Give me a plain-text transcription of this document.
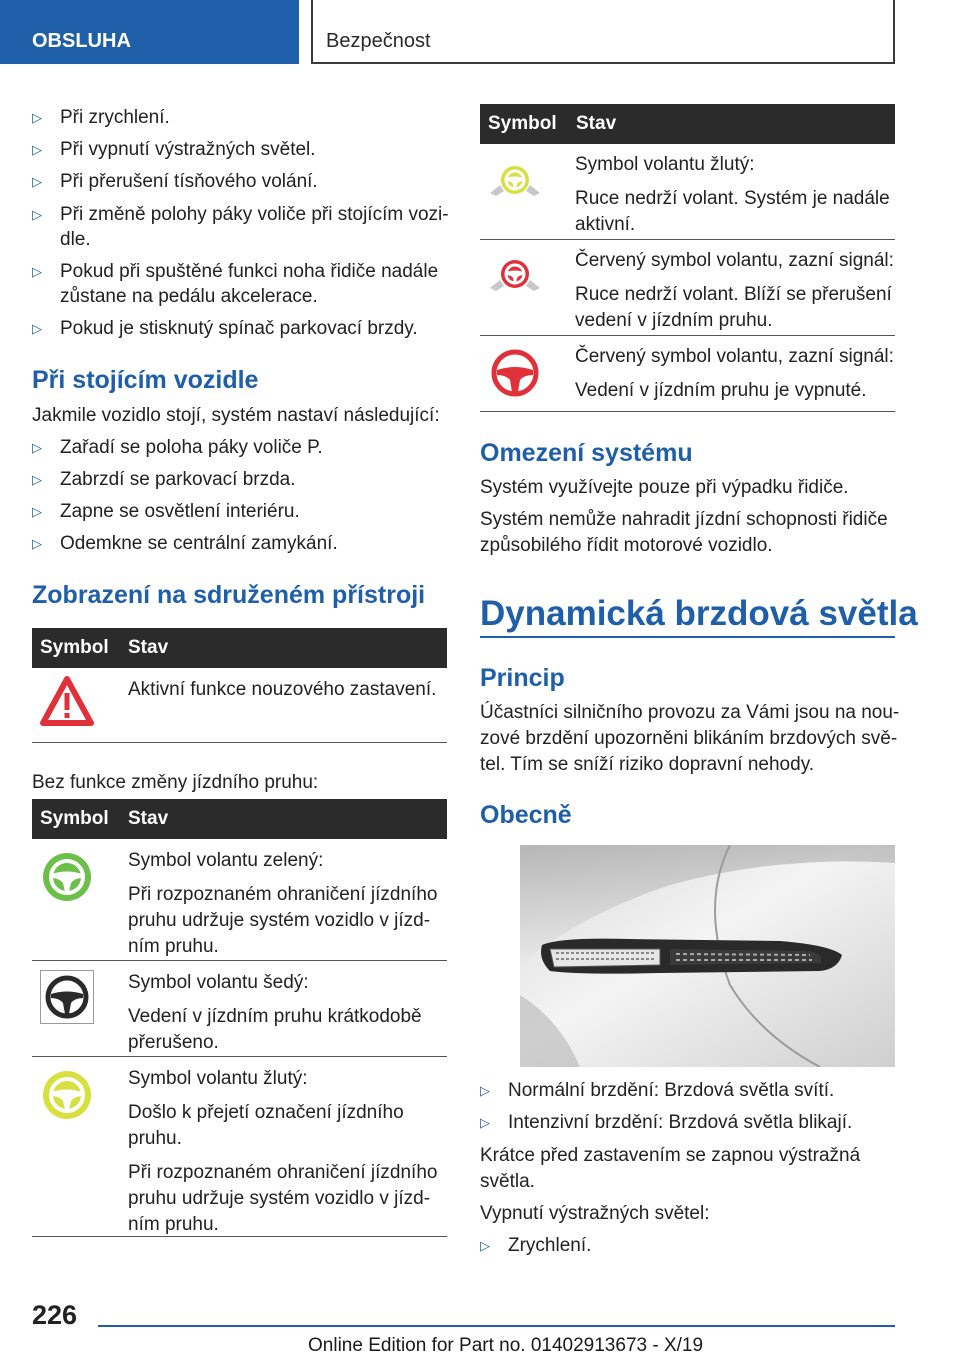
OBSLUHA	Bezpečnost
▷ Při zrychlení.
▷ Při vypnutí výstražných světel.
▷ Při přerušení tísňového volání.
▷ Při změně polohy páky voliče při stojícím vozi-
dle.
▷ Pokud při spuštěné funkci noha řidiče nadále
zůstane na pedálu akcelerace.
▷ Pokud je stisknutý spínač parkovací brzdy.
Při stojícím vozidle
Jakmile vozidlo stojí, systém nastaví následující:
▷ Zařadí se poloha páky voliče P.
▷ Zabrzdí se parkovací brzda.
▷ Zapne se osvětlení interiéru.
▷ Odemkne se centrální zamykání.
Zobrazení na sdruženém přístroji
Symbol Stav
Aktivní funkce nouzového zastavení.
Bez funkce změny jízdního pruhu:
Symbol Stav
Symbol volantu zelený:
Při rozpoznaném ohraničení jízdního
pruhu udržuje systém vozidlo v jízd-
ním pruhu.
Symbol volantu šedý:
Vedení v jízdním pruhu krátkodobě
přerušeno.
Symbol volantu žlutý:
Došlo k přejetí označení jízdního
pruhu.
Při rozpoznaném ohraničení jízdního
pruhu udržuje systém vozidlo v jízd-
ním pruhu.
Symbol Stav
Symbol volantu žlutý:
Ruce nedrží volant. Systém je nadále
aktivní.
Červený symbol volantu, zazní signál:
Ruce nedrží volant. Blíží se přerušení
vedení v jízdním pruhu.
Červený symbol volantu, zazní signál:
Vedení v jízdním pruhu je vypnuté.
Omezení systému
Systém využívejte pouze při výpadku řidiče.
Systém nemůže nahradit jízdní schopnosti řidiče
způsobilého řídit motorové vozidlo.
Dynamická brzdová světla
Princip
Účastníci silničního provozu za Vámi jsou na nou-
zové brzdění upozorněni blikáním brzdových svě-
tel. Tím se sníží riziko dopravní nehody.
Obecně
▷ Normální brzdění: Brzdová světla svítí.
▷ Intenzivní brzdění: Brzdová světla blikají.
Krátce před zastavením se zapnou výstražná
světla.
Vypnutí výstražných světel:
▷ Zrychlení.
226
Online Edition for Part no. 01402913673 - X/19
